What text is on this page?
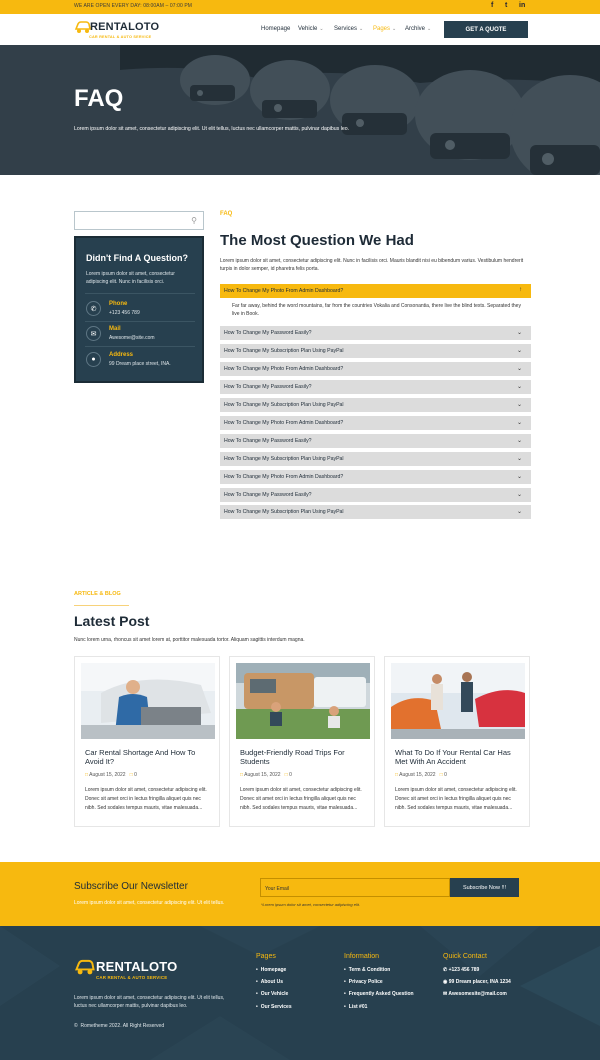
WE ARE OPEN EVERY DAY: 08:00AM – 07:00 PM	f t in
RENTALOTO
CAR RENTAL & AUTO SERVICE
Homepage Vehicle ⌄ Services ⌄ Pages ⌄ Archive ⌄	GET A QUOTE
FAQ
Lorem ipsum dolor sit amet, consectetur adipiscing elit. Ut elit tellus, luctus nec ullamcorper mattis, pulvinar dapibus leo.
⚲
Didn't Find A Question?
Lorem ipsum dolor sit amet, consectetur adipiscing elit. Nunc in facilisis orci.
✆
Phone
+123 456 789
✉
Mail
Awesome@site.com
●
Address
99 Dream place street, INA.
FAQ
The Most Question We Had
Lorem ipsum dolor sit amet, consectetur adipiscing elit. Nunc in facilisis orci. Mauris blandit nisi eu bibendum varius. Vestibulum hendrerit turpis in dolor semper, id pharetra felis porta.
How To Change My Photo From Admin Dashboard?	↑
Far far away, behind the word mountains, far from the countries Vokalia and Consonantia, there live the blind texts. Separated they live in Book.
How To Change My Password Easily?	⌄
How To Change My Subscription Plan Using PayPal	⌄
How To Change My Photo From Admin Dashboard?	⌄
How To Change My Password Easily?	⌄
How To Change My Subscription Plan Using PayPal	⌄
How To Change My Photo From Admin Dashboard?	⌄
How To Change My Password Easily?	⌄
How To Change My Subscription Plan Using PayPal	⌄
How To Change My Photo From Admin Dashboard?	⌄
How To Change My Password Easily?	⌄
How To Change My Subscription Plan Using PayPal	⌄
ARTICLE & BLOG
Latest Post
Nunc lorem urna, rhoncus sit amet lorem at, porttitor malesuada tortor. Aliquam sagittis interdum magna.
Car Rental Shortage And How To Avoid It?
□ August 15, 2022 □ 0
Lorem ipsum dolor sit amet, consectetur adipiscing elit. Donec sit amet orci in lectus fringilla aliquet quis nec nibh. Sed sodales tempus mauris, vitae malesuada...
Budget-Friendly Road Trips For Students
□ August 15, 2022 □ 0
Lorem ipsum dolor sit amet, consectetur adipiscing elit. Donec sit amet orci in lectus fringilla aliquet quis nec nibh. Sed sodales tempus mauris, vitae malesuada...
What To Do If Your Rental Car Has Met With An Accident
□ August 15, 2022 □ 0
Lorem ipsum dolor sit amet, consectetur adipiscing elit. Donec sit amet orci in lectus fringilla aliquet quis nec nibh. Sed sodales tempus mauris, vitae malesuada...
Subscribe Our Newsletter
Lorem ipsum dolor sit amet, consectetur adipiscing elit. Ut elit tellus.
Your Email	Subscribe Now !!!
*Lorem ipsum dolor sit amet, consectetur adipiscing elit.
RENTALOTO
CAR RENTAL & AUTO SERVICE
Lorem ipsum dolor sit amet, consectetur adipiscing elit. Ut elit tellus, luctus nec ullamcorper mattis, pulvinar dapibus leo.
© Rometheme 2022. All Right Reserved
Pages
• Homepage
• About Us
• Our Vehicle
• Our Services
Information
• Term & Condition
• Privacy Police
• Frequently Asked Question
• List #01
Quick Contact
✆ +123 456 789
◉ 99 Dream placer, INA 1234
✉ Awesomesite@mail.com
